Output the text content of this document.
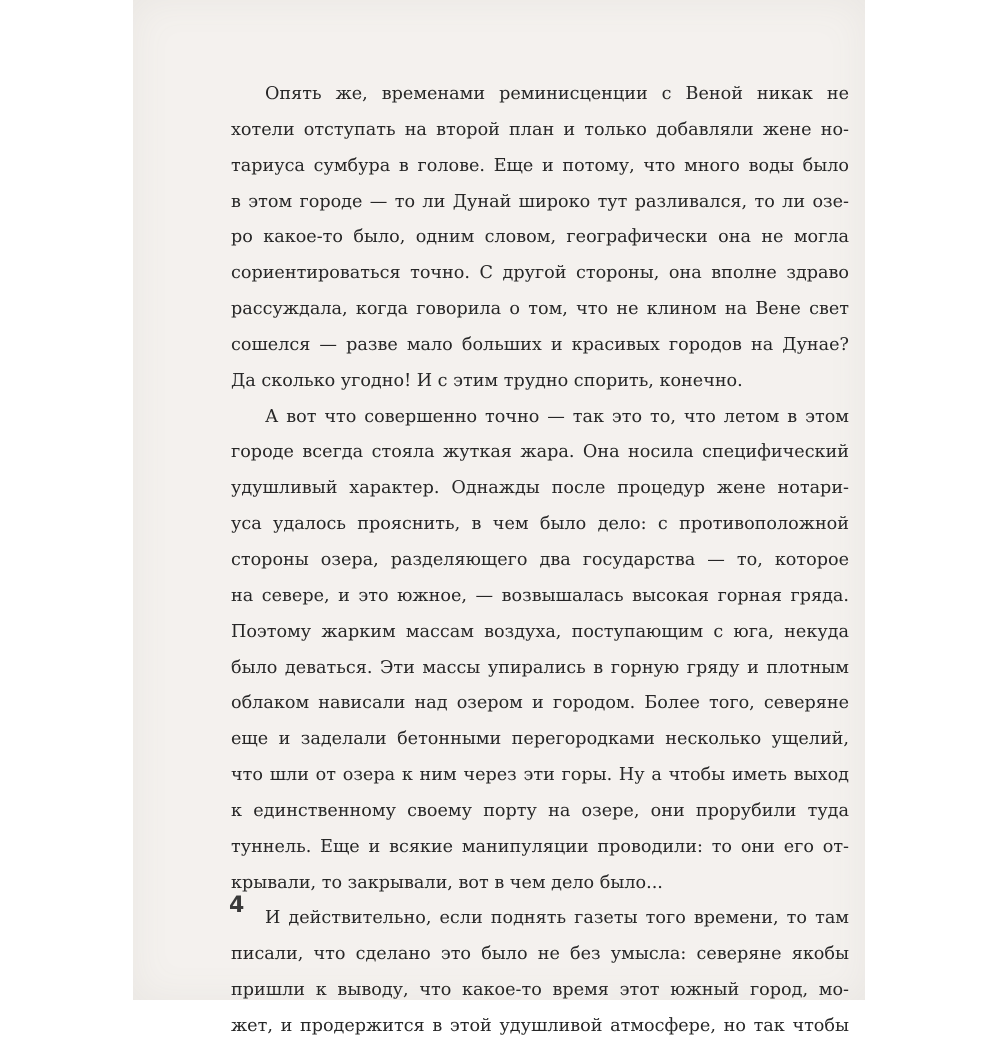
Опять же, временами реминисценции с Веной никак не
хотели отступать на второй план и только добавляли жене но-
тариуса сумбура в голове. Еще и потому, что много воды было
в этом городе — то ли Дунай широко тут разливался, то ли озе-
ро какое-то было, одним словом, географически она не могла
сориентироваться точно. С другой стороны, она вполне здраво
рассуждала, когда говорила о том, что не клином на Вене свет
сошелся — разве мало больших и красивых городов на Дунае?
Да сколько угодно! И с этим трудно спорить, конечно.
А вот что совершенно точно — так это то, что летом в этом
городе всегда стояла жуткая жара. Она носила специфический
удушливый характер. Однажды после процедур жене нотари-
уса удалось прояснить, в чем было дело: с противоположной
стороны озера, разделяющего два государства — то, которое
на севере, и это южное, — возвышалась высокая горная гряда.
Поэтому жарким массам воздуха, поступающим с юга, некуда
было деваться. Эти массы упирались в горную гряду и плотным
облаком нависали над озером и городом. Более того, северяне
еще и заделали бетонными перегородками несколько ущелий,
что шли от озера к ним через эти горы. Ну а чтобы иметь выход
к единственному своему порту на озере, они прорубили туда
туннель. Еще и всякие манипуляции проводили: то они его от-
крывали, то закрывали, вот в чем дело было...
И действительно, если поднять газеты того времени, то там
писали, что сделано это было не без умысла: северяне якобы
пришли к выводу, что какое-то время этот южный город, мо-
жет, и продержится в этой удушливой атмосфере, но так чтобы
4
